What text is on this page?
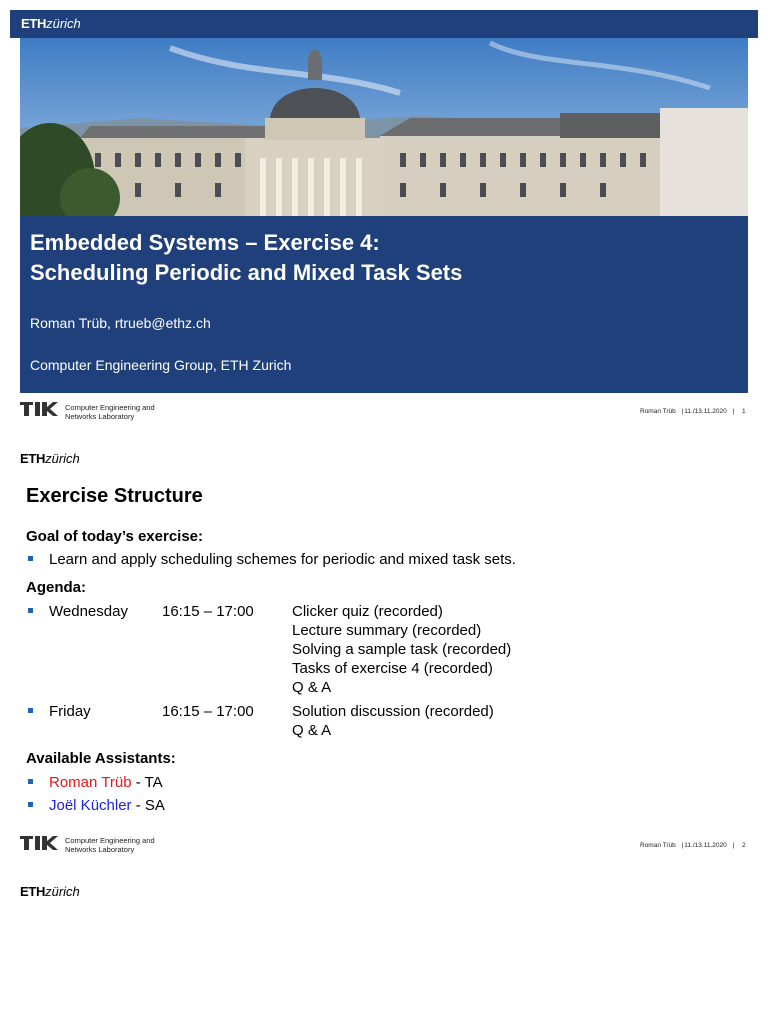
ETHzürich
Embedded Systems – Exercise 4:
Scheduling Periodic and Mixed Task Sets
Roman Trüb, rtrueb@ethz.ch
Computer Engineering Group, ETH Zurich
Computer Engineering and
Networks Laboratory
Roman Trüb |11./13.11.2020 | 1
ETHzürich
Exercise Structure
Goal of today’s exercise:
Learn and apply scheduling schemes for periodic and mixed task sets.
Agenda:
Wednesday 16:15 – 17:00	Clicker quiz (recorded)
Lecture summary (recorded)
Solving a sample task (recorded)
Tasks of exercise 4 (recorded)
Q & A
Friday	16:15 – 17:00	Solution discussion (recorded)
Q & A
Available Assistants:
Roman Trüb - TA
Joël Küchler - SA
Computer Engineering and
Networks Laboratory	Roman Trüb |11./13.11.2020 | 2
ETHzürich
